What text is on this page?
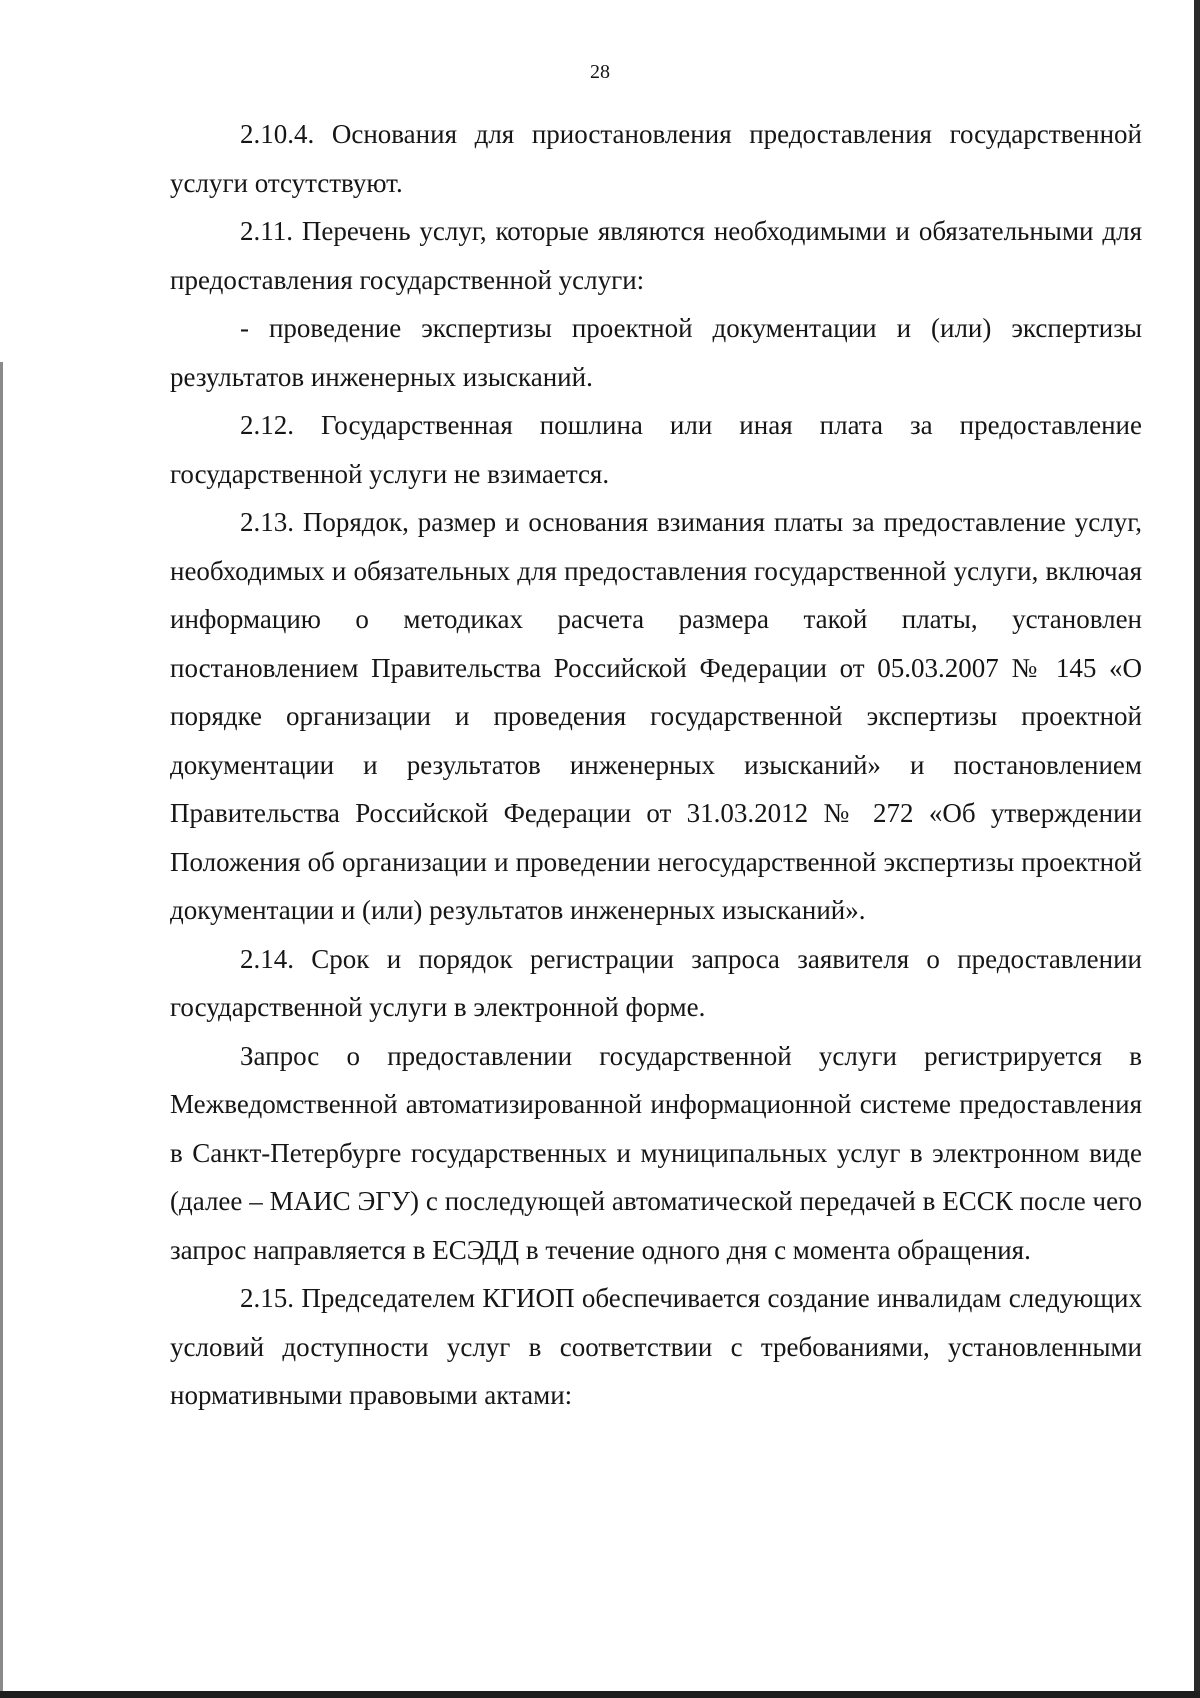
28

2.10.4. Основания для приостановления предоставления государственной услуги отсутствуют.

2.11. Перечень услуг, которые являются необходимыми и обязательными для предоставления государственной услуги:

- проведение экспертизы проектной документации и (или) экспертизы результатов инженерных изысканий.

2.12. Государственная пошлина или иная плата за предоставление государственной услуги не взимается.

2.13. Порядок, размер и основания взимания платы за предоставление услуг, необходимых и обязательных для предоставления государственной услуги, включая информацию о методиках расчета размера такой платы, установлен постановлением Правительства Российской Федерации от 05.03.2007 № 145 «О порядке организации и проведения государственной экспертизы проектной документации и результатов инженерных изысканий» и постановлением Правительства Российской Федерации от 31.03.2012 № 272 «Об утверждении Положения об организации и проведении негосударственной экспертизы проектной документации и (или) результатов инженерных изысканий».

2.14. Срок и порядок регистрации запроса заявителя о предоставлении государственной услуги в электронной форме.

Запрос о предоставлении государственной услуги регистрируется в Межведомственной автоматизированной информационной системе предоставления в Санкт-Петербурге государственных и муниципальных услуг в электронном виде (далее – МАИС ЭГУ) с последующей автоматической передачей в ЕССК после чего запрос направляется в ЕСЭДД в течение одного дня с момента обращения.

2.15. Председателем КГИОП обеспечивается создание инвалидам следующих условий доступности услуг в соответствии с требованиями, установленными нормативными правовыми актами:
